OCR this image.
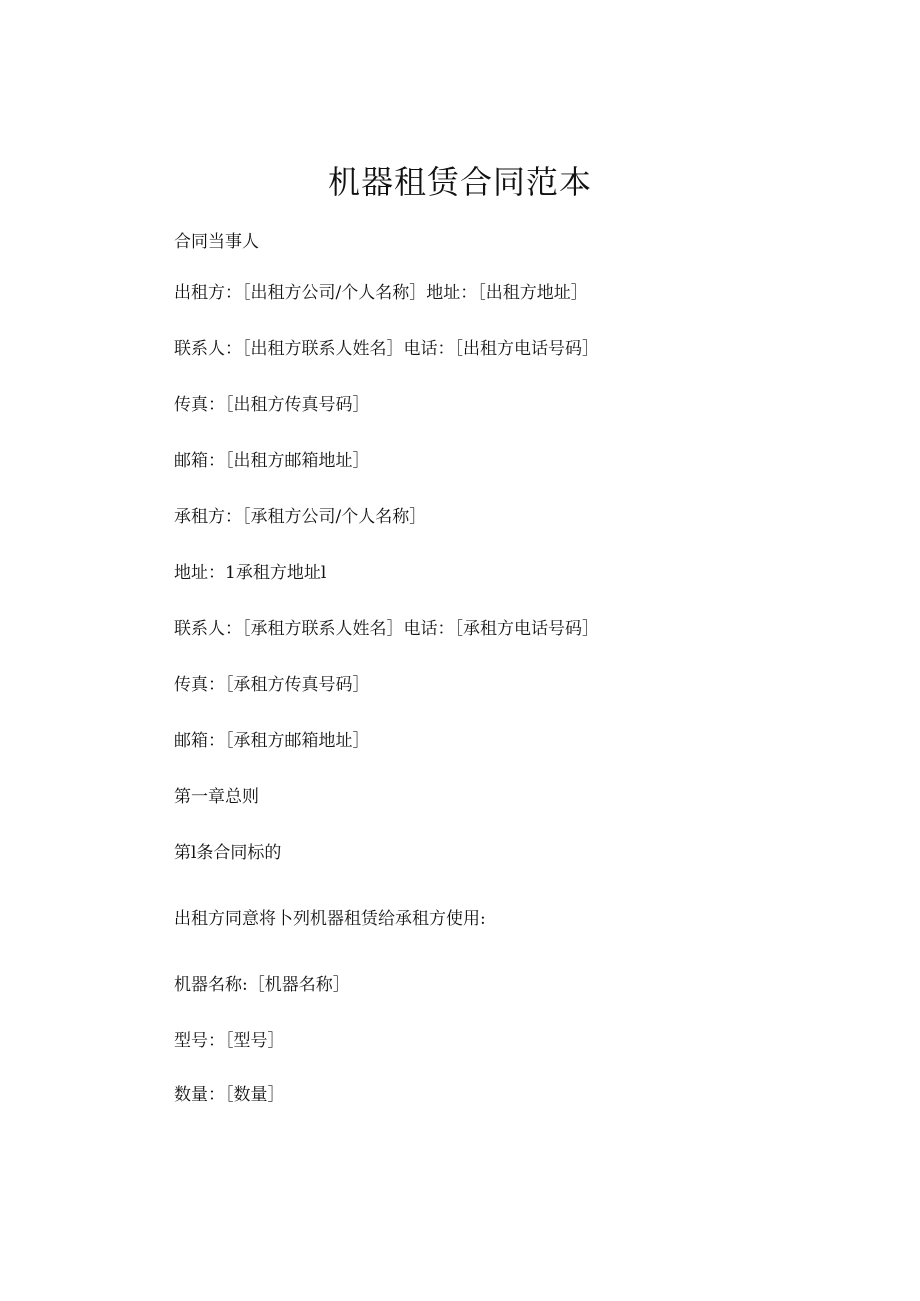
机器租赁合同范本

合同当事人

出租方：［出租方公司/个人名称］地址：［出租方地址］

联系人：［出租方联系人姓名］电话：［出租方电话号码］

传真：［出租方传真号码］

邮箱：［出租方邮箱地址］

承租方：［承租方公司/个人名称］

地址：1承租方地址l

联系人：［承租方联系人姓名］电话：［承租方电话号码］

传真：［承租方传真号码］

邮箱：［承租方邮箱地址］

第一章总则

第l条合同标的

出租方同意将卜列机器租赁给承租方使用:

机器名称:［机器名称］

型号：［型号］

数量：［数量］
